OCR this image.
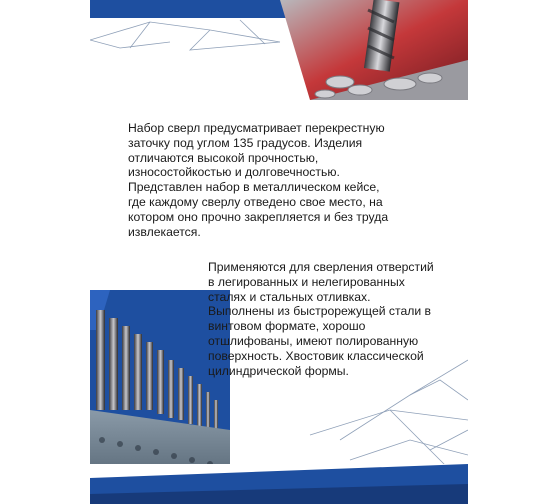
Набор сверл предусматривает перекрестную заточку под углом 135 градусов. Изделия отличаются высокой прочностью, износостойкостью и долговечностью. Представлен набор в металлическом кейсе, где каждому сверлу отведено свое место, на котором оно прочно закрепляется и без труда извлекается.

Применяются для сверления отверстий в легированных и нелегированных сталях и стальных отливках. Выполнены из быстрорежущей стали в винтовом формате, хорошо отшлифованы, имеют полированную поверхность. Хвостовик классической цилиндрической формы.
